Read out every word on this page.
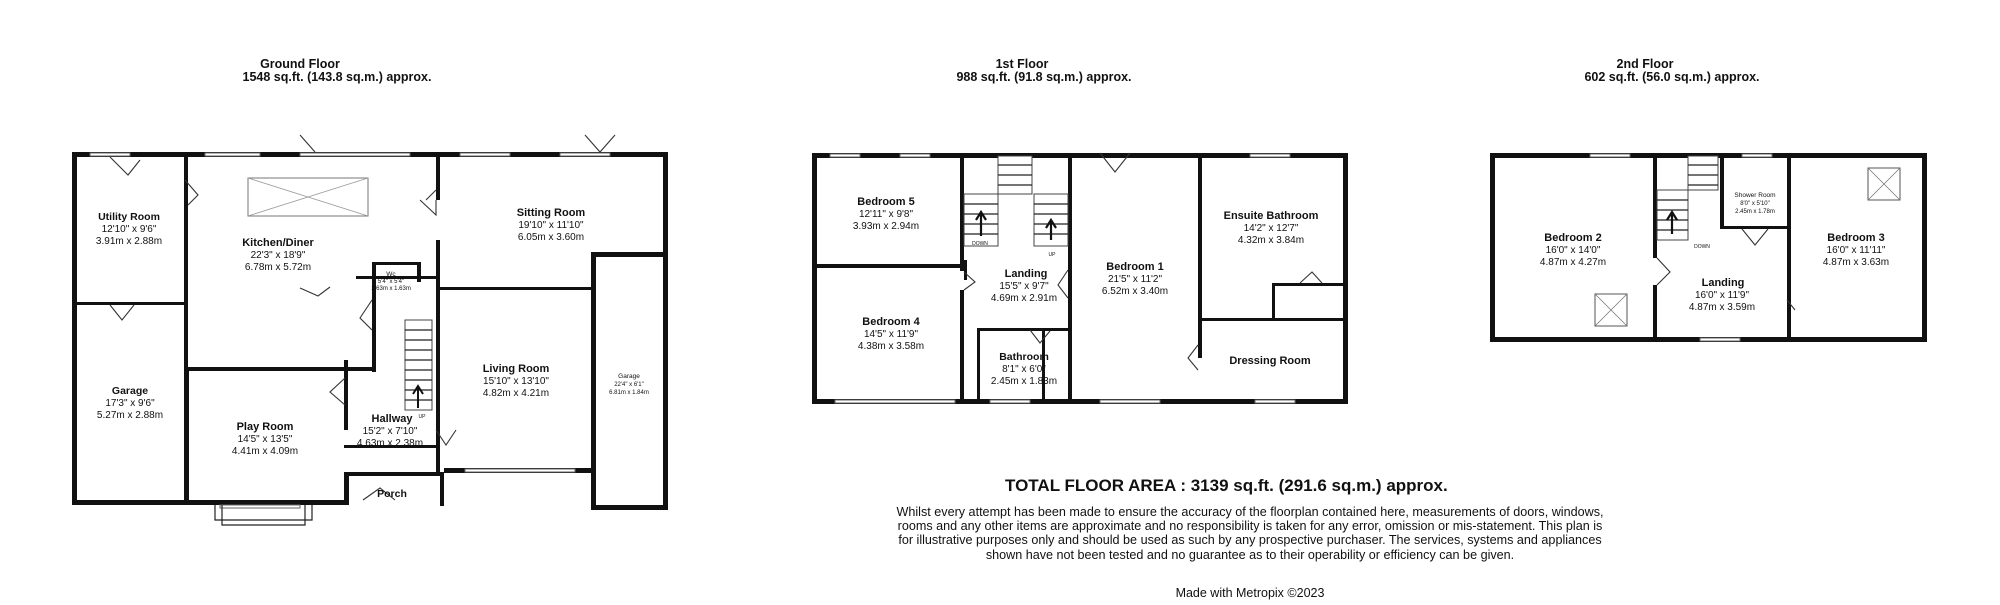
Ground Floor
1548 sq.ft. (143.8 sq.m.) approx.
1st Floor
988 sq.ft. (91.8 sq.m.) approx.
2nd Floor
602 sq.ft. (56.0 sq.m.) approx.
Utility Room
12'10" x 9'6"
3.91m x 2.88m	Kitchen/Diner
22'3" x 18'9"
6.78m x 5.72m
Sitting Room
19'10" x 11'10"
6.05m x 3.60m
Wc
5'4" x 5'4"
1.63m x 1.63m
Garage
17'3" x 9'6"
5.27m x 2.88m
Play Room
14'5" x 13'5"
4.41m x 4.09m
Hallway
15'2" x 7'10"
4.63m x 2.38m
UP
Living Room
15'10" x 13'10"
4.82m x 4.21m
Garage
22'4" x 6'1"
6.81m x 1.84m
Porch
Bedroom 5
12'11" x 9'8"
3.93m x 2.94m
Bedroom 4
14'5" x 11'9"
4.38m x 3.58m
Landing
15'5" x 9'7"
4.69m x 2.91m
DOWN
UP
Bathroom
8'1" x 6'0"
2.45m x 1.83m
Bedroom 1
21'5" x 11'2"
6.52m x 3.40m
Ensuite Bathroom
14'2" x 12'7"
4.32m x 3.84m
Dressing Room
Bedroom 2
16'0" x 14'0"
4.87m x 4.27m
Shower Room
8'0" x 5'10"
2.45m x 1.78m
Landing
16'0" x 11'9"
4.87m x 3.59m
DOWN
Bedroom 3
16'0" x 11'11"
4.87m x 3.63m
TOTAL FLOOR AREA : 3139 sq.ft. (291.6 sq.m.) approx.

Whilst every attempt has been made to ensure the accuracy of the floorplan contained here, measurements of doors, windows, rooms and any other items are approximate and no responsibility is taken for any error, omission or mis-statement. This plan is for illustrative purposes only and should be used as such by any prospective purchaser. The services, systems and appliances shown have not been tested and no guarantee as to their operability or efficiency can be given.

Made with Metropix ©2023
